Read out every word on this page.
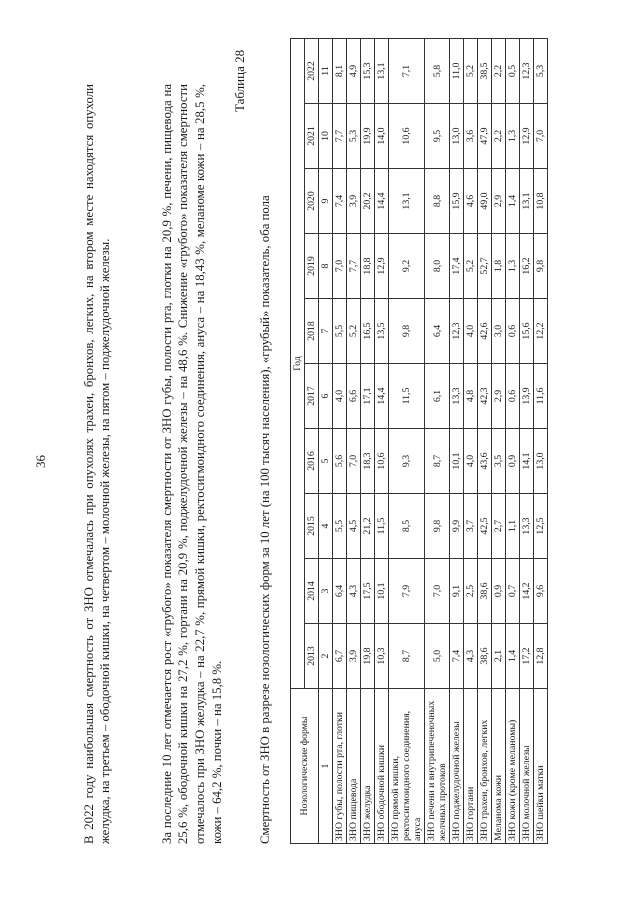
36	В 2022 году наибольшая смертность от ЗНО отмечалась при опухолях трахеи, бронхов, легких, на втором месте находятся опухоли желудка, на третьем – ободочной кишки, на четвертом – молочной железы, на пятом – поджелудочной железы.	За последние 10 лет отмечается рост «грубого» показателя смертности от ЗНО губы, полости рта, глотки на 20,9 %, печени, пищевода на 25,6 %, ободочной кишки на 27,2 %, гортани на 20,9 %, поджелудочной железы – на 48,6 %. Снижение «грубого» показателя смертности отмечалось при ЗНО желудка – на 22,7 %, прямой кишки, ректосигмоидного соединения, ануса – на 18,43 %, меланоме кожи – на 28,5 %, кожи – 64,2 %, почки – на 15,8 %.

Таблица 28
Смертность от ЗНО в разрезе нозологических форм за 10 лет (на 100 тысяч населения), «грубый» показатель, оба пола	Нозологические формы	Год									
	2013	2014	2015	2016	2017	2018	2019	2020	2021	2022
1	2	3	4	5	6	7	8	9	10	11
ЗНО губы, полости рта, глотки	6,7	6,4	5,5	5,6	4,0	5,5	7,0	7,4	7,7	8,1
ЗНО пищевода	3,9	4,3	4,5	7,0	6,6	5,2	7,7	3,9	5,3	4,9
ЗНО желудка	19,8	17,5	21,2	18,3	17,1	16,5	18,8	20,2	19,9	15,3
ЗНО ободочной кишки	10,3	10,1	11,5	10,6	14,4	13,5	12,9	14,4	14,0	13,1
ЗНО прямой кишки, ректосигмоидного соединения, ануса	8,7	7,9	8,5	9,3	11,5	9,8	9,2	13,1	10,6	7,1
ЗНО печени и внутрипеченочных желчных протоков	5,0	7,0	9,8	8,7	6,1	6,4	8,0	8,8	9,5	5,8
ЗНО поджелудочной железы	7,4	9,1	9,9	10,1	13,3	12,3	17,4	15,9	13,0	11,0
ЗНО гортани	4,3	2,5	3,7	4,0	4,8	4,0	5,2	4,6	3,6	5,2
ЗНО трахеи, бронхов, легких	38,6	38,6	42,5	43,6	42,3	42,6	52,7	49,0	47,9	38,5
Меланома кожи	2,1	0,9	2,7	3,5	2,9	3,0	1,8	2,9	2,2	2,2
ЗНО кожи (кроме меланомы)	1,4	0,7	1,1	0,9	0,6	0,6	1,3	1,4	1,3	0,5
ЗНО молочной железы	17,2	14,2	13,3	14,1	13,9	15,6	16,2	13,1	12,9	12,3
ЗНО шейки матки	12,8	9,6	12,5	13,0	11,6	12,2	9,8	10,8	7,0	5,3
